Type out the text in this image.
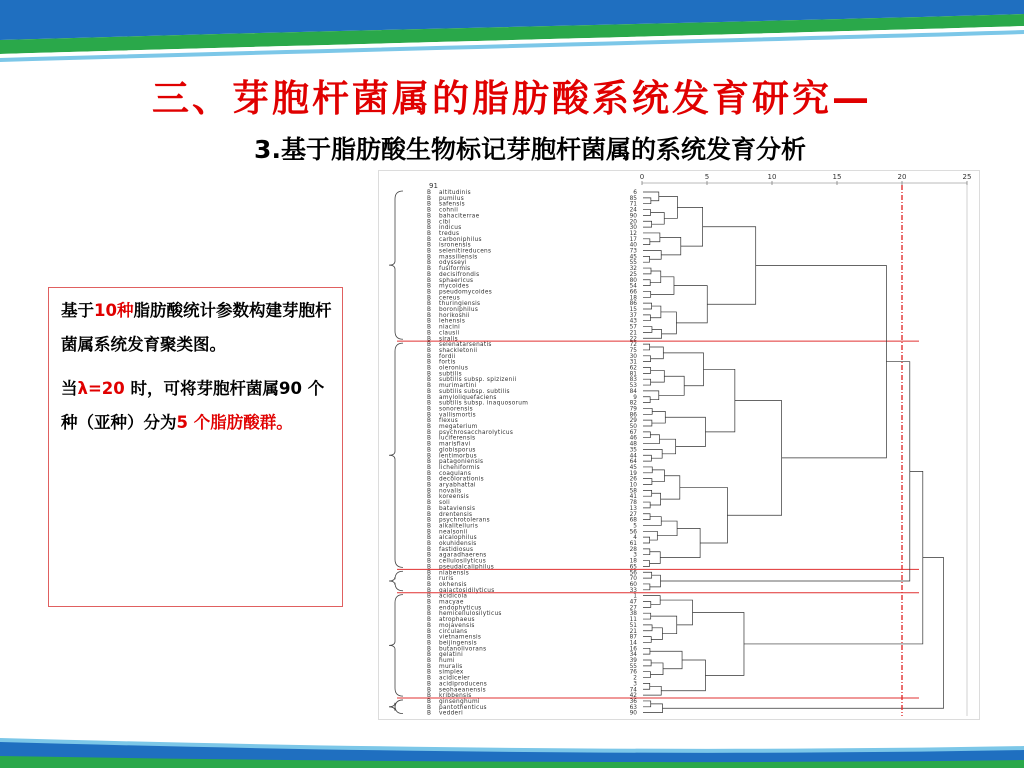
三、芽胞杆菌属的脂肪酸系统发育研究—
3.基于脂肪酸生物标记芽胞杆菌属的系统发育分析

基于10种脂肪酸统计参数构建芽胞杆菌属系统发育聚类图。

当λ=20 时，可将芽胞杆菌属90 个种（亚种）分为5 个脂肪酸群。

0	5	10	15	20	25
91
B altitudinis	6
B pumilus	85
B safensis	71
B cohnii	24
B bahaciterrae	90
B cibi	20
B indicus	30
B tredus	12
B carboniphilus	17
B isronensis	40
B selenitireducens	73
B massiliensis	45
B odysseyi	55
B fusiformis	32
B decisifrondis	25
B sphaericus	80
B mycoides	54
B pseudomycoides	66
B cereus	18
B thuringiensis	86
B boroniphilus	15
B horikoshii	37
B lehensis	43
B niacini	57
B clausii	21
B siralis	22
B selenatarsenatis	72
B shackletonii	75
B fordii	30
B fortis	31
B oleronius	62
B subtilis	81
B subtilis subsp. spizizenii	83
B murimartini	53
B subtilis subsp. subtilis	84
B amyloliquefaciens	9
B subtilis subsp. inaquosorum	82
B sonorensis	79
B vallismortis	86
B flexus	29
B megaterium	50
B psychrosaccharolyticus	67
B luciferensis	46
B marisflavi	48
B globisporus	35
B lentimorbus	44
B patagoniensis	64
B licheniformis	45
B coagulans	19
B decolorationis	26
B aryabhattai	10
B novalis	58
B koreensis	41
B soli	78
B bataviensis	13
B drentensis	27
B psychrotolerans	68
B alkalitelluris	5
B nealsonii	56
B alcalophilus	4
B okuhidensis	61
B fastidiosus	28
B agaradhaerens	3
B cellulosilyticus	18
B pseudalcaliphilus	65
B niabensis	56
B ruris	70
B okhensis	60
B galactosidilyticus	33
B acidicola	1
B macyae	47
B endophyticus	27
B hemicellulosilyticus	38
B atrophaeus	11
B mojavensis	51
B circulans	21
B vietnamensis	87
B beijingensis	14
B butanolivorans	16
B gelatini	34
B humi	39
B muralis	55
B simplex	76
B acidiceler	2
B acidiproducens	3
B seohaeanensis	74
B kribbensis	42
B ginsenghumi	36
B pantothenticus	63
B vedderi	90
